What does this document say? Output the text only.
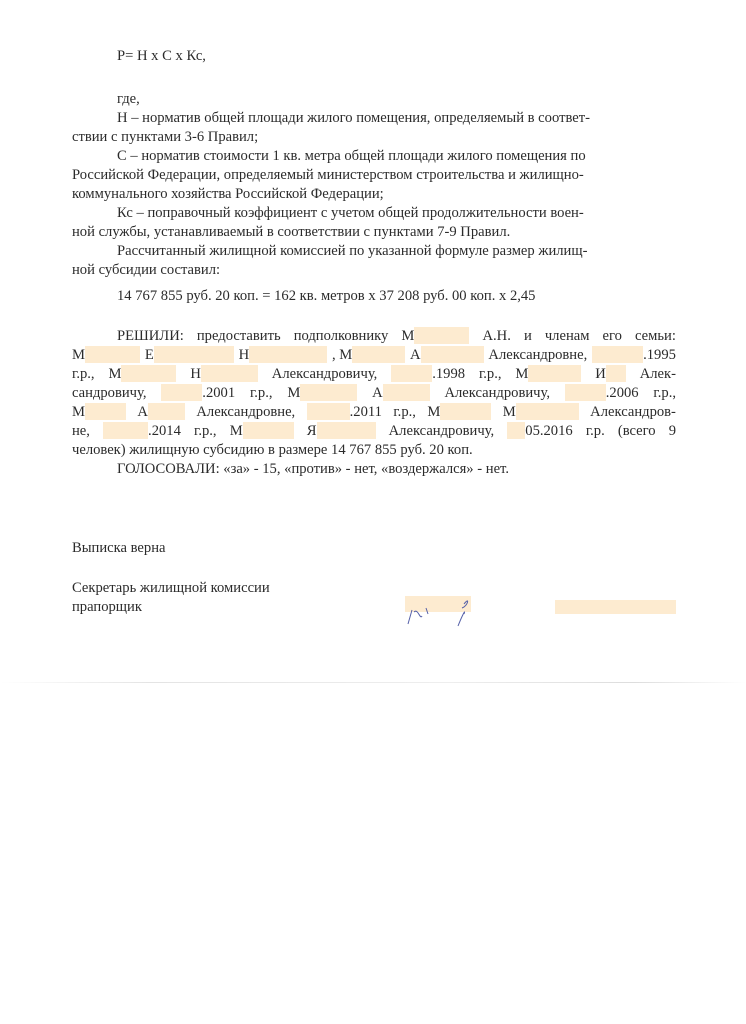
Р= Н х С х Кс,
где,
Н – норматив общей площади жилого помещения, определяемый в соответ-
ствии с пунктами 3-6 Правил;
С – норматив стоимости 1 кв. метра общей площади жилого помещения по
Российской Федерации, определяемый министерством строительства и жилищно-
коммунального хозяйства Российской Федерации;
Кс – поправочный коэффициент с учетом общей продолжительности воен-
ной службы, устанавливаемый в соответствии с пунктами 7-9 Правил.
Рассчитанный жилищной комиссией по указанной формуле размер жилищ-
ной субсидии составил:
14 767 855 руб. 20 коп. = 162 кв. метров х 37 208 руб. 00 коп. х 2,45
РЕШИЛИ: предоставить подполковнику М	А.Н. и членам его семьи:
М	Е	Н	, М	А	Александровне,	.1995
г.р., М	Н	Александровичу,	.1998 г.р., М	И	Алек-
сандровичу,	.2001 г.р., М	А	Александровичу,	.2006 г.р.,
М	А	Александровне,	.2011 г.р., М	М	Александров-
не,	.2014 г.р., М	Я	Александровичу,	05.2016 г.р. (всего 9
человек) жилищную субсидию в размере 14 767 855 руб. 20 коп.
ГОЛОСОВАЛИ: «за» - 15, «против» - нет, «воздержался» - нет.
Выписка верна
Секретарь жилищной комиссии
прапорщик
